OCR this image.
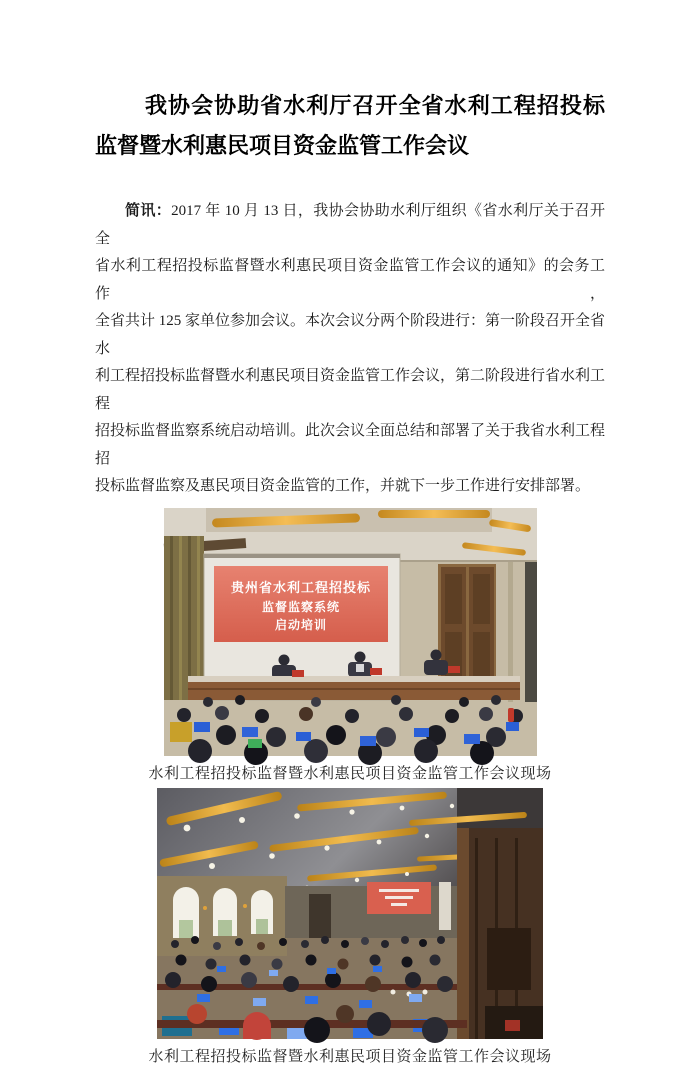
我协会协助省水利厅召开全省水利工程招投标
监督暨水利惠民项目资金监管工作会议
简讯：2017 年 10 月 13 日，我协会协助水利厅组织《省水利厅关于召开全
省水利工程招投标监督暨水利惠民项目资金监管工作会议的通知》的会务工作，
全省共计 125 家单位参加会议。本次会议分两个阶段进行：第一阶段召开全省水
利工程招投标监督暨水利惠民项目资金监管工作会议，第二阶段进行省水利工程
招投标监督监察系统启动培训。此次会议全面总结和部署了关于我省水利工程招
投标监督监察及惠民项目资金监管的工作，并就下一步工作进行安排部署。
贵州省水利工程招投标
监督监察系统
启动培训
水利工程招投标监督暨水利惠民项目资金监管工作会议现场
水利工程招投标监督暨水利惠民项目资金监管工作会议现场
